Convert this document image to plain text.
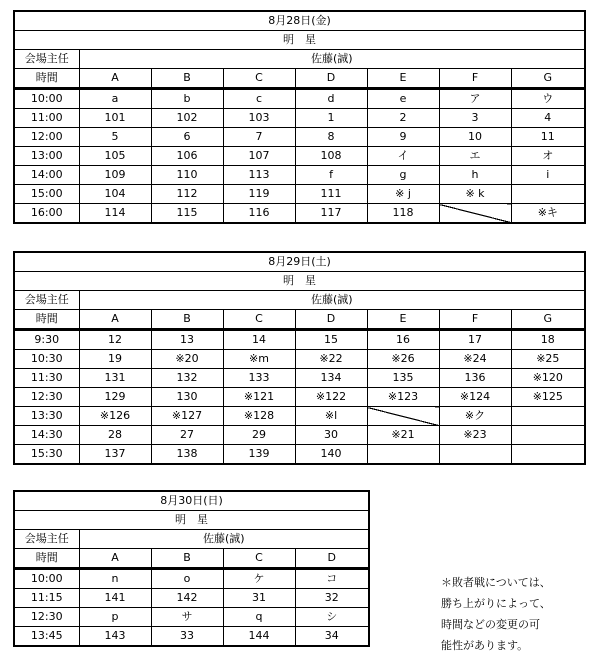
8月28日(金)							
明　星							
会場主任	佐藤(誠)						
時間	A	B	C	D	E	F	G
10:00	a	b	c	d	e	ア	ウ
11:00	101	102	103	1	2	3	4
12:00	5	6	7	8	9	10	11
13:00	105	106	107	108	イ	エ	オ
14:00	109	110	113	f	g	h	i
15:00	104	112	119	111	※ j	※ k	
16:00	114	115	116	117	118		※キ
8月29日(土)							
明　星							
会場主任	佐藤(誠)						
時間	A	B	C	D	E	F	G
9:30	12	13	14	15	16	17	18
10:30	19	※20	※m	※22	※26	※24	※25
11:30	131	132	133	134	135	136	※120
12:30	129	130	※121	※122	※123	※124	※125
13:30	※126	※127	※128	※l		※ク	
14:30	28	27	29	30	※21	※23	
15:30	137	138	139	140			
8月30日(日)				
明　星				
会場主任	佐藤(誠)			
時間	A	B	C	D
10:00	n	o	ケ	コ
11:15	141	142	31	32
12:30	p	サ	q	シ
13:45	143	33	144	34
＊敗者戦については、
勝ち上がりによって、
時間などの変更の可
能性があります。
